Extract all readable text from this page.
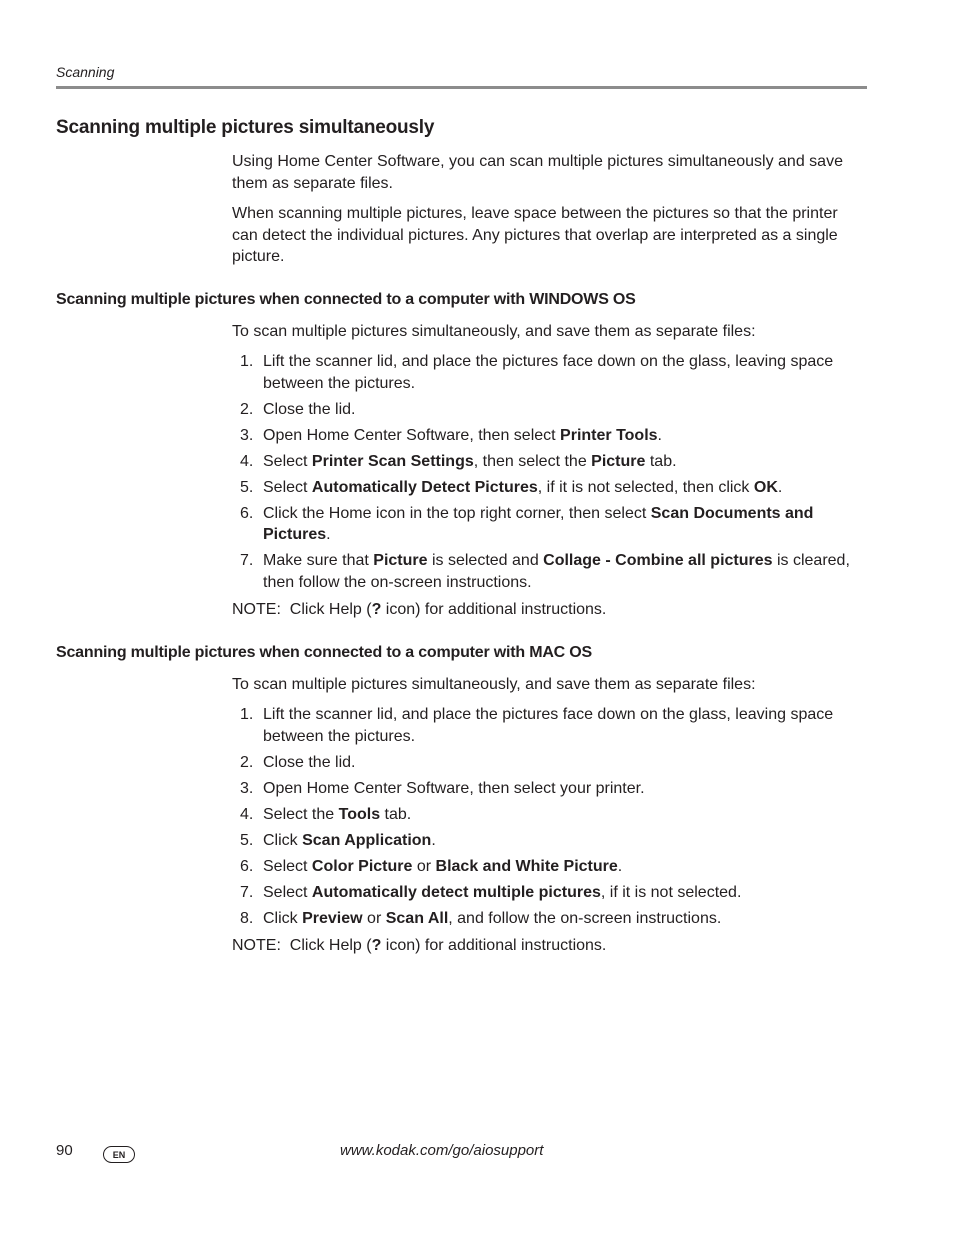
Scanning
Scanning multiple pictures simultaneously

Using Home Center Software, you can scan multiple pictures simultaneously and save them as separate files.

When scanning multiple pictures, leave space between the pictures so that the printer can detect the individual pictures. Any pictures that overlap are interpreted as a single picture.

Scanning multiple pictures when connected to a computer with WINDOWS OS

To scan multiple pictures simultaneously, and save them as separate files:

1. Lift the scanner lid, and place the pictures face down on the glass, leaving space between the pictures.
2. Close the lid.
3. Open Home Center Software, then select Printer Tools.
4. Select Printer Scan Settings, then select the Picture tab.
5. Select Automatically Detect Pictures, if it is not selected, then click OK.
6. Click the Home icon in the top right corner, then select Scan Documents and Pictures.
7. Make sure that Picture is selected and Collage - Combine all pictures is cleared, then follow the on-screen instructions.
NOTE:  Click Help (? icon) for additional instructions.
Scanning multiple pictures when connected to a computer with MAC OS

To scan multiple pictures simultaneously, and save them as separate files:

1. Lift the scanner lid, and place the pictures face down on the glass, leaving space between the pictures.
2. Close the lid.
3. Open Home Center Software, then select your printer.
4. Select the Tools tab.
5. Click Scan Application.
6. Select Color Picture or Black and White Picture.
7. Select Automatically detect multiple pictures, if it is not selected.
8. Click Preview or Scan All, and follow the on-screen instructions.
NOTE:  Click Help (? icon) for additional instructions.
90	EN	www.kodak.com/go/aiosupport
